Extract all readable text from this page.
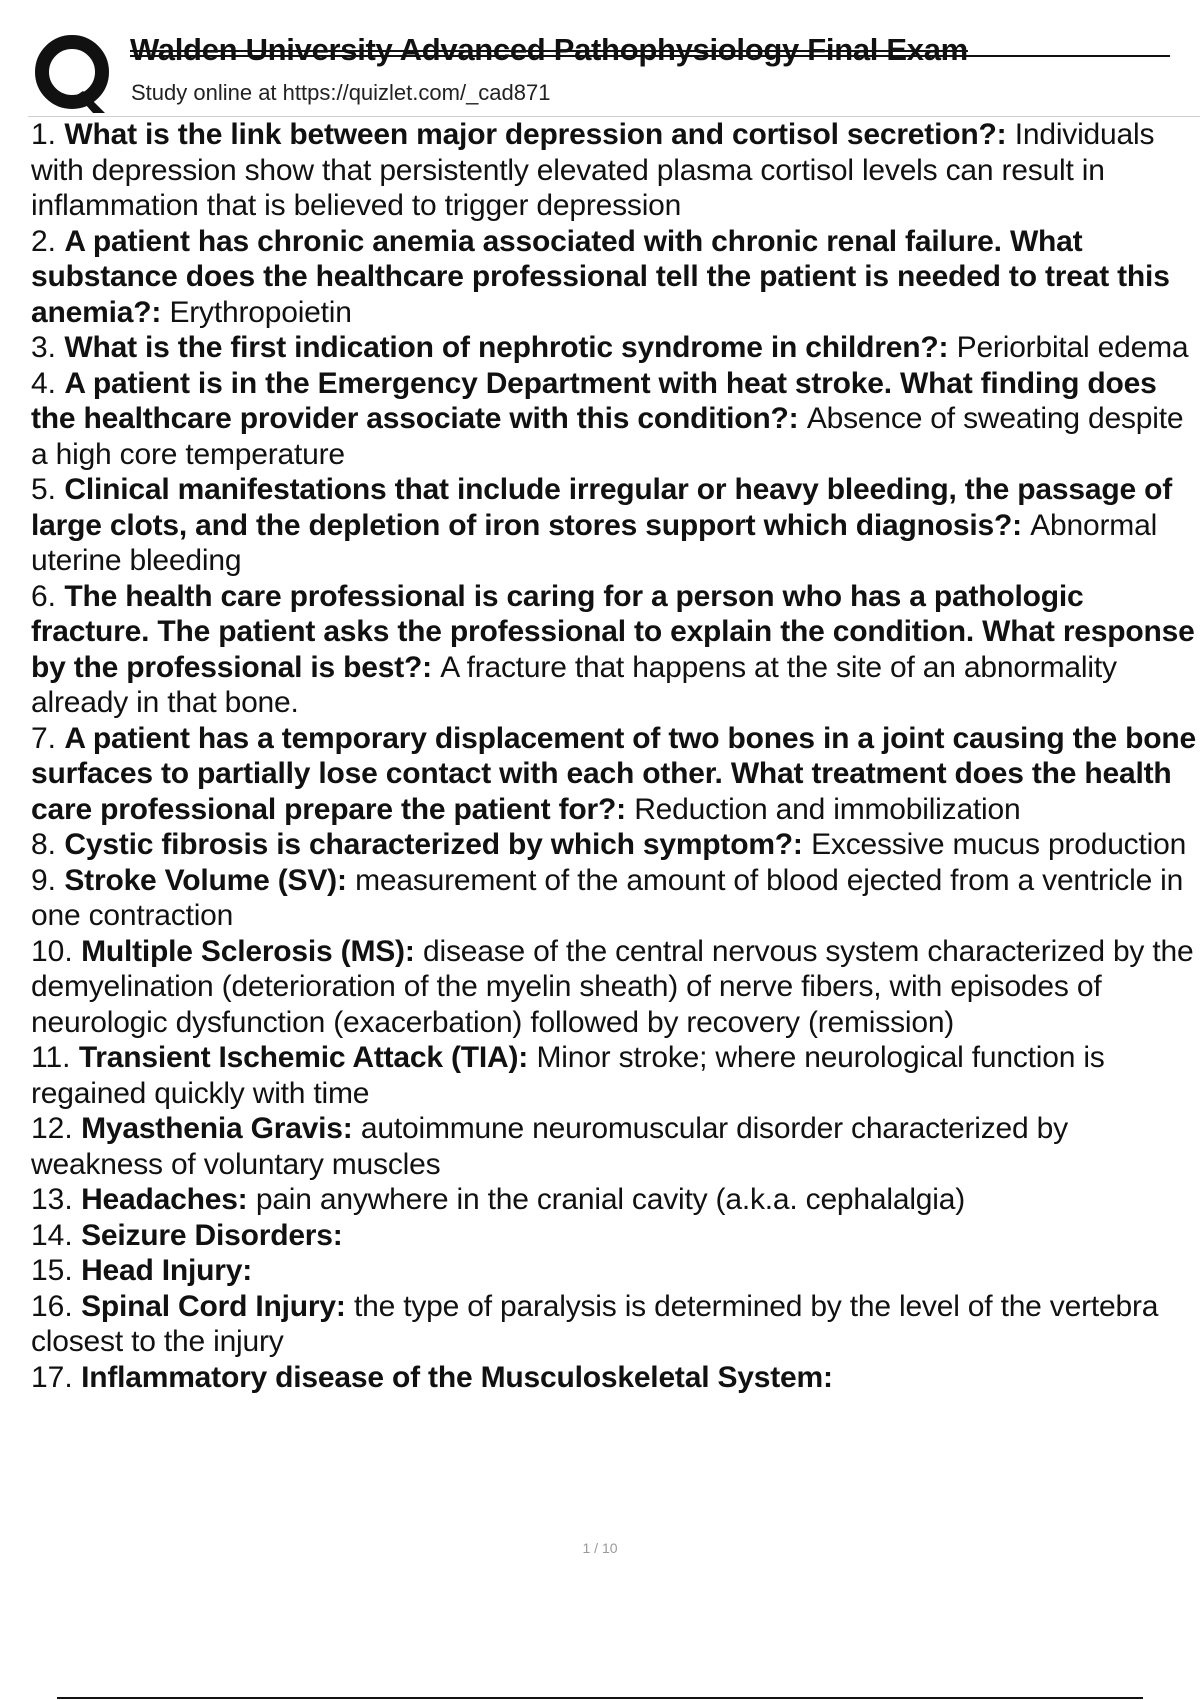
Walden University Advanced Pathophysiology Final Exam
Study online at https://quizlet.com/_cad871
1. What is the link between major depression and cortisol secretion?: Individuals with depression show that persistently elevated plasma cortisol levels can result in inflammation that is believed to trigger depression
2. A patient has chronic anemia associated with chronic renal failure. What substance does the healthcare professional tell the patient is needed to treat this anemia?: Erythropoietin
3. What is the first indication of nephrotic syndrome in children?: Periorbital edema
4. A patient is in the Emergency Department with heat stroke. What finding does the healthcare provider associate with this condition?: Absence of sweating despite a high core temperature
5. Clinical manifestations that include irregular or heavy bleeding, the passage of large clots, and the depletion of iron stores support which diagnosis?: Abnormal uterine bleeding
6. The health care professional is caring for a person who has a pathologic fracture. The patient asks the professional to explain the condition. What response by the professional is best?: A fracture that happens at the site of an abnormality already in that bone.
7. A patient has a temporary displacement of two bones in a joint causing the bone surfaces to partially lose contact with each other. What treatment does the health care professional prepare the patient for?: Reduction and immobilization
8. Cystic fibrosis is characterized by which symptom?: Excessive mucus production
9. Stroke Volume (SV): measurement of the amount of blood ejected from a ventricle in one contraction
10. Multiple Sclerosis (MS): disease of the central nervous system characterized by the demyelination (deterioration of the myelin sheath) of nerve fibers, with episodes of neurologic dysfunction (exacerbation) followed by recovery (remission)
11. Transient Ischemic Attack (TIA): Minor stroke; where neurological function is regained quickly with time
12. Myasthenia Gravis: autoimmune neuromuscular disorder characterized by weakness of voluntary muscles
13. Headaches: pain anywhere in the cranial cavity (a.k.a. cephalalgia)
14. Seizure Disorders:
15. Head Injury:
16. Spinal Cord Injury: the type of paralysis is determined by the level of the vertebra closest to the injury
17. Inflammatory disease of the Musculoskeletal System:
1 / 10
